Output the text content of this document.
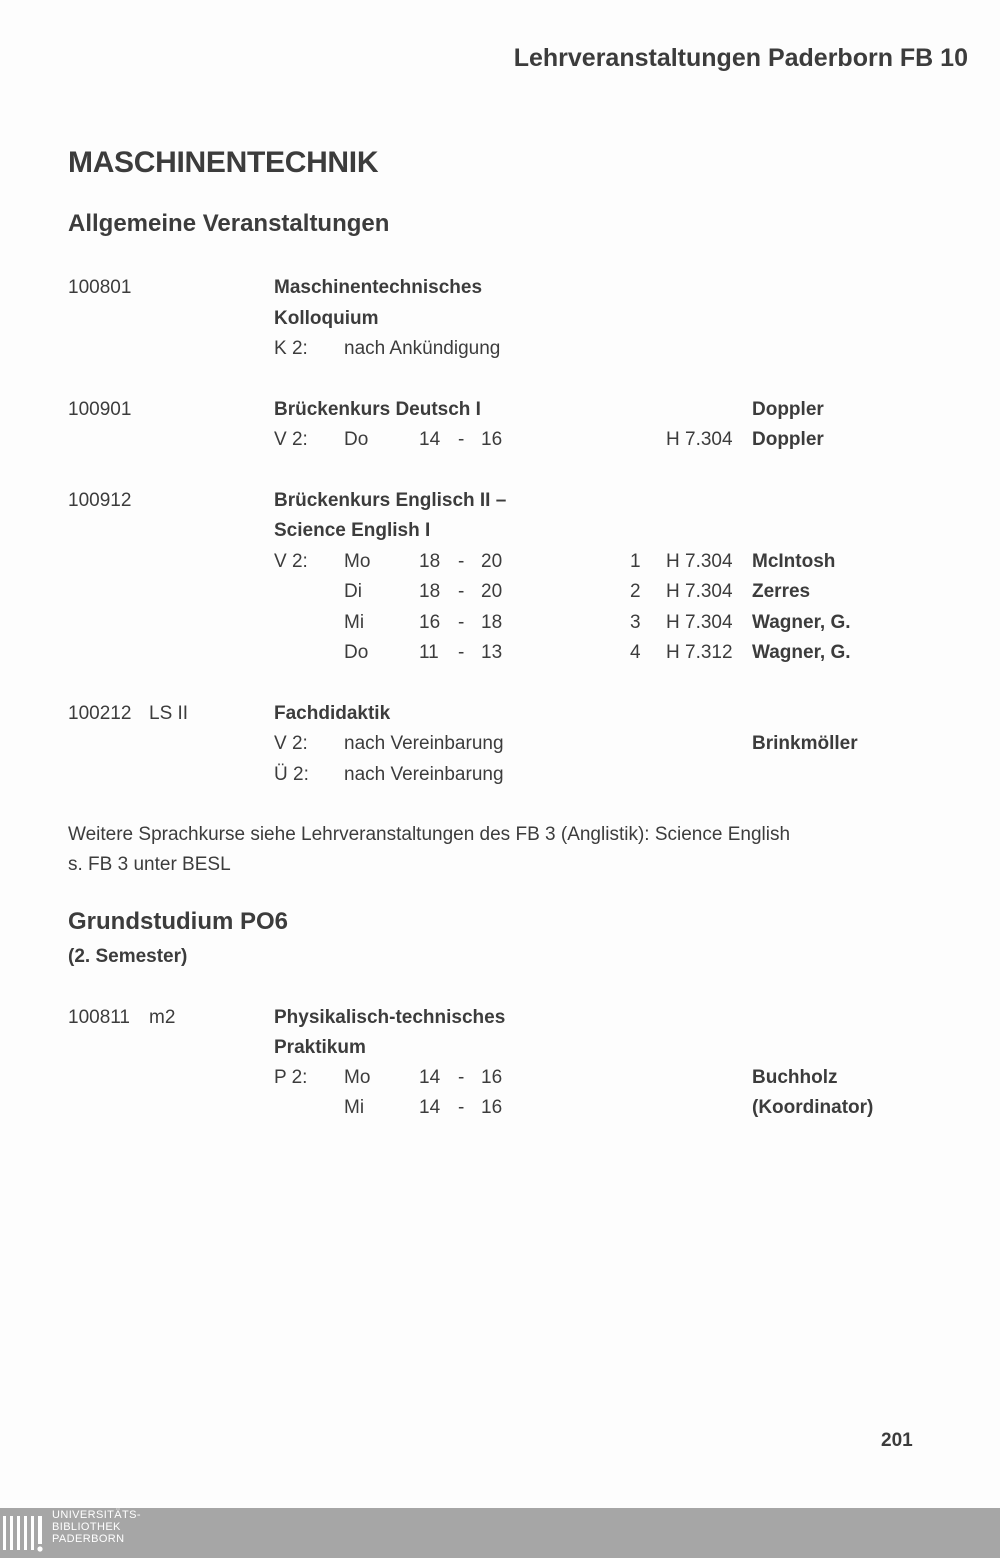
Lehrveranstaltungen Paderborn FB 10
MASCHINENTECHNIK
Allgemeine Veranstaltungen
100801	Maschinentechnisches
Kolloquium
K 2: nach Ankündigung
100901	Brückenkurs Deutsch I	Doppler
V 2: Do	14 - 16	H 7.304 Doppler
100912	Brückenkurs Englisch II –
Science English I
V 2: Mo	18 - 20	1 H 7.304 McIntosh
Di	18 - 20	2 H 7.304 Zerres
Mi	16 - 18	3 H 7.304 Wagner, G.
Do	11 - 13	4 H 7.312 Wagner, G.
100212 LS II	Fachdidaktik
V 2: nach Vereinbarung	Brinkmöller
Ü 2: nach Vereinbarung
Weitere Sprachkurse siehe Lehrveranstaltungen des FB 3 (Anglistik): Science English
s. FB 3 unter BESL
Grundstudium PO6
(2. Semester)
100811 m2	Physikalisch-technisches
Praktikum
P 2: Mo	14 - 16	Buchholz
Mi	14 - 16	(Koordinator)
201
UNIVERSITÄTS-
BIBLIOTHEK
PADERBORN
